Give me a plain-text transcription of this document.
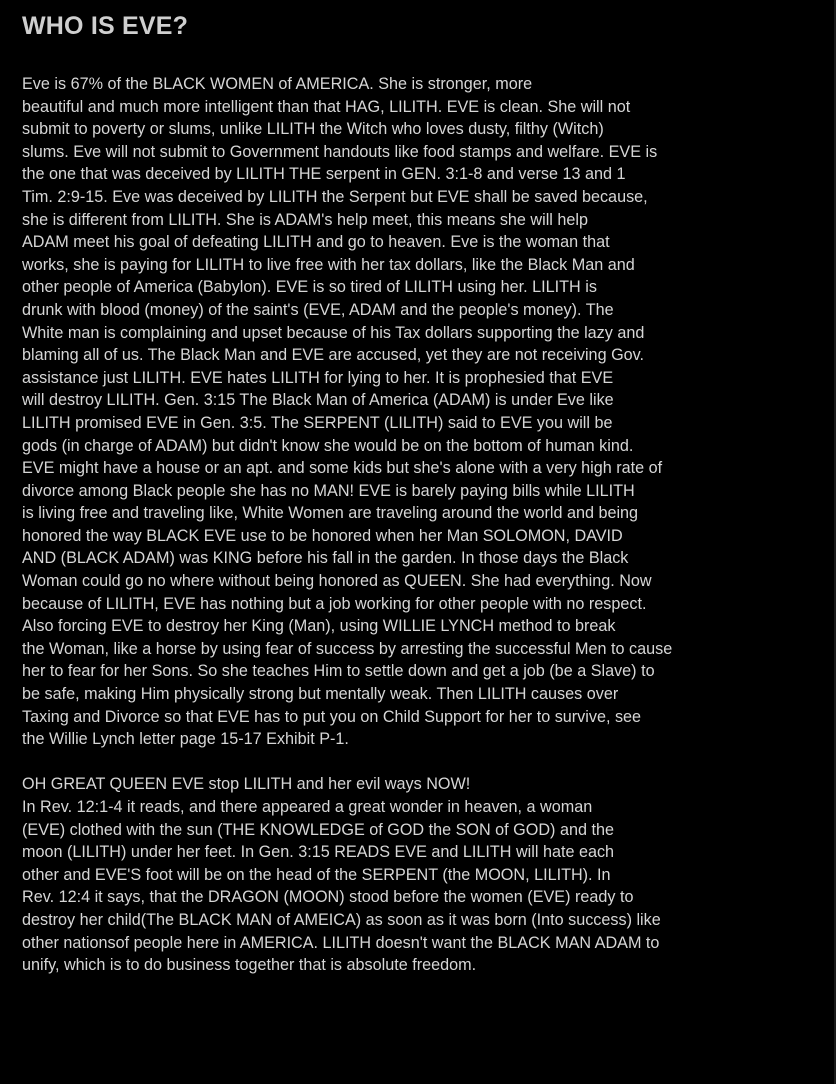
WHO IS EVE?
Eve is 67% of the BLACK WOMEN of AMERICA. She is stronger, more
beautiful and much more intelligent than that HAG, LILITH. EVE is clean. She will not
submit to poverty or slums, unlike LILITH the Witch who loves dusty, filthy (Witch)
slums. Eve will not submit to Government handouts like food stamps and welfare. EVE is
the one that was deceived by LILITH THE serpent in GEN. 3:1-8 and verse 13 and 1
Tim. 2:9-15. Eve was deceived by LILITH the Serpent but EVE shall be saved because,
she is different from LILITH. She is ADAM's help meet, this means she will help
ADAM meet his goal of defeating LILITH and go to heaven. Eve is the woman that
works, she is paying for LILITH to live free with her tax dollars, like the Black Man and
other people of America (Babylon). EVE is so tired of LILITH using her. LILITH is
drunk with blood (money) of the saint's (EVE, ADAM and the people's money). The
White man is complaining and upset because of his Tax dollars supporting the lazy and
blaming all of us. The Black Man and EVE are accused, yet they are not receiving Gov.
assistance just LILITH. EVE hates LILITH for lying to her. It is prophesied that EVE
will destroy LILITH. Gen. 3:15 The Black Man of America (ADAM) is under Eve like
LILITH promised EVE in Gen. 3:5. The SERPENT (LILITH) said to EVE you will be
gods (in charge of ADAM) but didn't know she would be on the bottom of human kind.
EVE might have a house or an apt. and some kids but she's alone with a very high rate of
divorce among Black people she has no MAN! EVE is barely paying bills while LILITH
is living free and traveling like, White Women are traveling around the world and being
honored the way BLACK EVE use to be honored when her Man SOLOMON, DAVID
AND (BLACK ADAM) was KING before his fall in the garden. In those days the Black
Woman could go no where without being honored as QUEEN. She had everything. Now
because of LILITH, EVE has nothing but a job working for other people with no respect.
Also forcing EVE to destroy her King (Man), using WILLIE LYNCH method to break
the Woman, like a horse by using fear of success by arresting the successful Men to cause
her to fear for her Sons. So she teaches Him to settle down and get a job (be a Slave) to
be safe, making Him physically strong but mentally weak. Then LILITH causes over
Taxing and Divorce so that EVE has to put you on Child Support for her to survive, see
the Willie Lynch letter page 15-17 Exhibit P-1.
OH GREAT QUEEN EVE stop LILITH and her evil ways NOW!
In Rev. 12:1-4 it reads, and there appeared a great wonder in heaven, a woman
(EVE) clothed with the sun (THE KNOWLEDGE of GOD the SON of GOD) and the
moon (LILITH) under her feet. In Gen. 3:15 READS EVE and LILITH will hate each
other and EVE'S foot will be on the head of the SERPENT (the MOON, LILITH). In
Rev. 12:4 it says, that the DRAGON (MOON) stood before the women (EVE) ready to
destroy her child(The BLACK MAN of AMEICA) as soon as it was born (Into success) like
other nationsof people here in AMERICA. LILITH doesn't want the BLACK MAN ADAM to
unify, which is to do business together that is absolute freedom.
